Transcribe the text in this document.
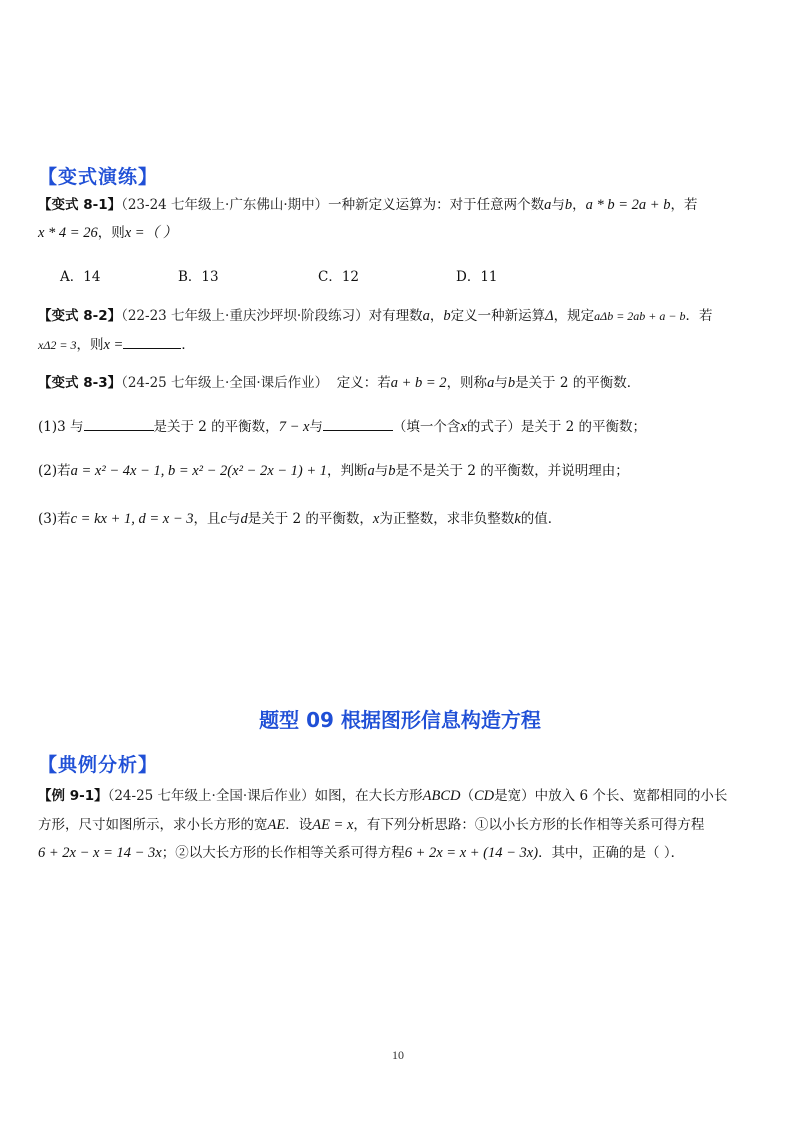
【变式演练】
【变式 8-1】（23-24 七年级上·广东佛山·期中）一种新定义运算为：对于任意两个数a与b，a * b = 2a + b，若
x * 4 = 26，则x =（ ）
A．14	B．13	C．12	D．11
【变式 8-2】（22-23 七年级上·重庆沙坪坝·阶段练习）对有理数a，b定义一种新运算Δ，规定aΔb = 2ab + a − b．若
xΔ2 = 3，则x =	．
【变式 8-3】（24-25 七年级上·全国·课后作业） 定义：若a + b = 2，则称a与b是关于 2 的平衡数．
(1)3 与	是关于 2 的平衡数，7 − x与	（填一个含x的式子）是关于 2 的平衡数；
(2)若a = x² − 4x − 1, b = x² − 2(x² − 2x − 1) + 1，判断a与b是不是关于 2 的平衡数，并说明理由；
(3)若c = kx + 1, d = x − 3，且c与d是关于 2 的平衡数，x为正整数，求非负整数k的值．
题型 09 根据图形信息构造方程
【典例分析】
【例 9-1】（24-25 七年级上·全国·课后作业）如图，在大长方形ABCD（CD是宽）中放入 6 个长、宽都相同的小长
方形，尺寸如图所示，求小长方形的宽AE．设AE = x，有下列分析思路：①以小长方形的长作相等关系可得方程
6 + 2x − x = 14 − 3x；②以大长方形的长作相等关系可得方程6 + 2x = x + (14 − 3x)．其中，正确的是（ ）．
10
